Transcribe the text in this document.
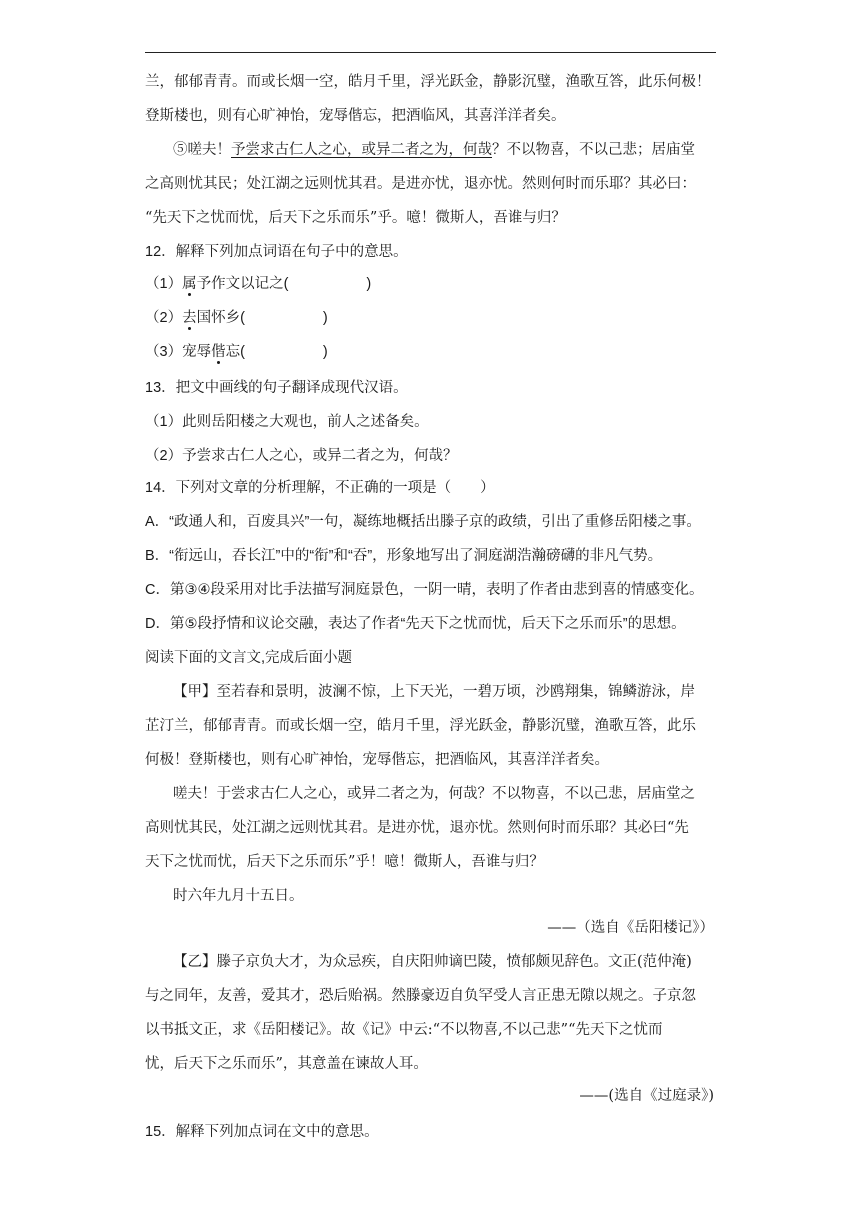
兰，郁郁青青。而或长烟一空，皓月千里，浮光跃金，静影沉璧，渔歌互答，此乐何极！
登斯楼也，则有心旷神怡，宠辱偕忘，把酒临风，其喜洋洋者矣。
⑤嗟夫！予尝求古仁人之心，或异二者之为，何哉？不以物喜，不以己悲；居庙堂
之高则忧其民；处江湖之远则忧其君。是进亦忧，退亦忧。然则何时而乐耶？其必曰：
“先天下之忧而忧，后天下之乐而乐”乎。噫！微斯人，吾谁与归？
12．解释下列加点词语在句子中的意思。
（1）属予作文以记之(	)
（2）去国怀乡(	)
（3）宠辱偕忘(	)
13．把文中画线的句子翻译成现代汉语。
（1）此则岳阳楼之大观也，前人之述备矣。
（2）予尝求古仁人之心，或异二者之为，何哉？
14．下列对文章的分析理解，不正确的一项是（　　）
A．“政通人和，百废具兴”一句，凝练地概括出滕子京的政绩，引出了重修岳阳楼之事。
B．“衔远山，吞长江”中的“衔”和“吞”，形象地写出了洞庭湖浩瀚磅礴的非凡气势。
C．第③④段采用对比手法描写洞庭景色，一阴一晴，表明了作者由悲到喜的情感变化。
D．第⑤段抒情和议论交融，表达了作者“先天下之忧而忧，后天下之乐而乐”的思想。
阅读下面的文言文,完成后面小题
【甲】至若春和景明，波澜不惊，上下天光，一碧万顷，沙鸥翔集，锦鳞游泳，岸
芷汀兰，郁郁青青。而或长烟一空，皓月千里，浮光跃金，静影沉璧，渔歌互答，此乐
何极！登斯楼也，则有心旷神怡，宠辱偕忘，把酒临风，其喜洋洋者矣。
嗟夫！于尝求古仁人之心，或异二者之为，何哉？不以物喜，不以己悲，居庙堂之
高则忧其民，处江湖之远则忧其君。是进亦忧，退亦忧。然则何时而乐耶？其必曰“先
天下之忧而忧，后天下之乐而乐”乎！噫！微斯人，吾谁与归？
时六年九月十五日。
——（选自《岳阳楼记》）
【乙】滕子京负大才，为众忌疾，自庆阳帅谪巴陵，愤郁颇见辞色。文正(范仲淹)
与之同年，友善，爱其才，恐后贻祸。然滕豪迈自负罕受人言正患无隙以规之。子京忽
以书抵文正，求《岳阳楼记》。故《记》中云:“不以物喜,不以己悲”“先天下之忧而
忧，后天下之乐而乐”，其意盖在谏故人耳。
——(选自《过庭录》)
15．解释下列加点词在文中的意思。
